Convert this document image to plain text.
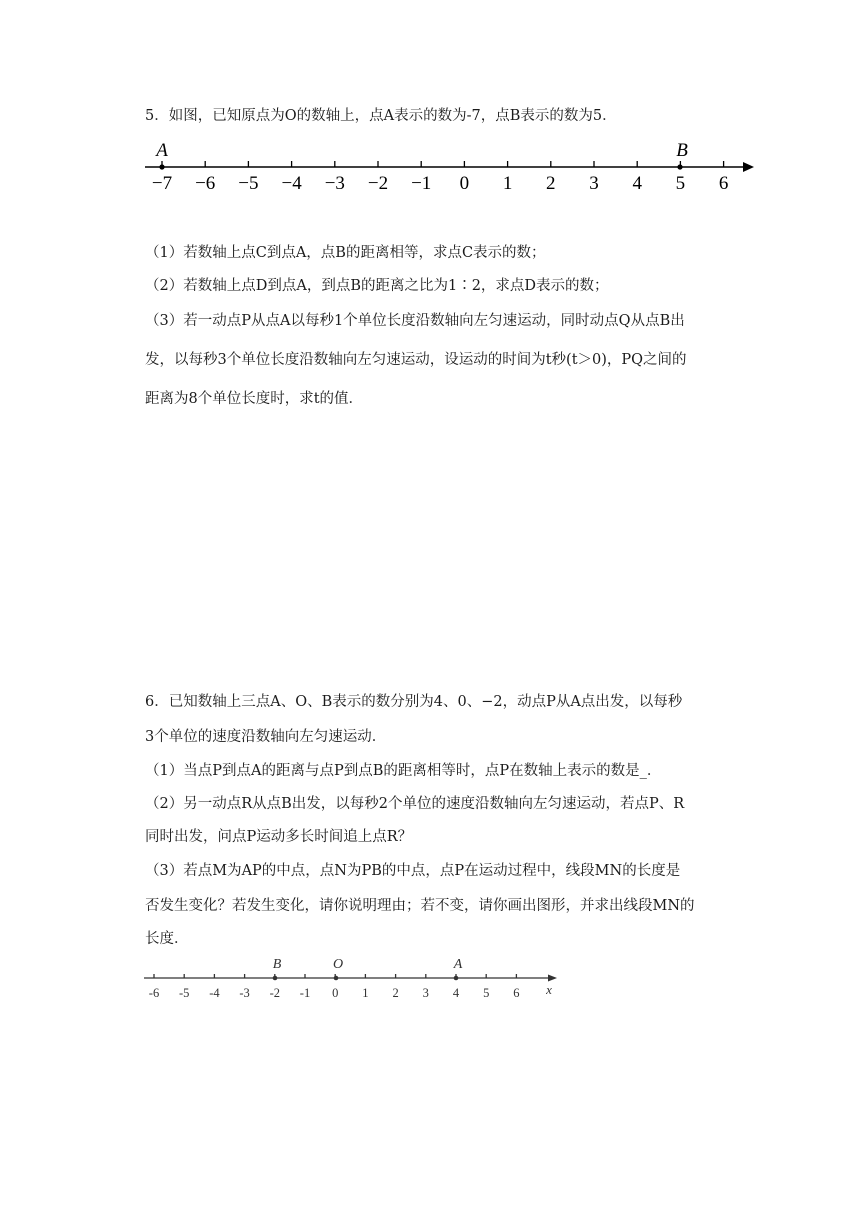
5．如图，已知原点为O的数轴上，点A表示的数为-7，点B表示的数为5．
−7 −6 −5 −4 −3 −2 −1 0 1 2 3 4 5 6
A	B
（1）若数轴上点C到点A，点B的距离相等，求点C表示的数；
（2）若数轴上点D到点A，到点B的距离之比为1∶2，求点D表示的数；
（3）若一动点P从点A以每秒1个单位长度沿数轴向左匀速运动，同时动点Q从点B出
发，以每秒3个单位长度沿数轴向左匀速运动，设运动的时间为t秒(t＞0)，PQ之间的
距离为8个单位长度时，求t的值．
6．已知数轴上三点A、O、B表示的数分别为4、0、−2，动点P从A点出发，以每秒
3个单位的速度沿数轴向左匀速运动．
（1）当点P到点A的距离与点P到点B的距离相等时，点P在数轴上表示的数是_．
（2）另一动点R从点B出发，以每秒2个单位的速度沿数轴向左匀速运动，若点P、R
同时出发，问点P运动多长时间追上点R？
（3）若点M为AP的中点，点N为PB的中点，点P在运动过程中，线段MN的长度是
否发生变化？若发生变化，请你说明理由；若不变，请你画出图形，并求出线段MN的
长度．
-6 -5 -4 -3 -2 -1 0 1 2 3 4 5 6
B	O	A
x
